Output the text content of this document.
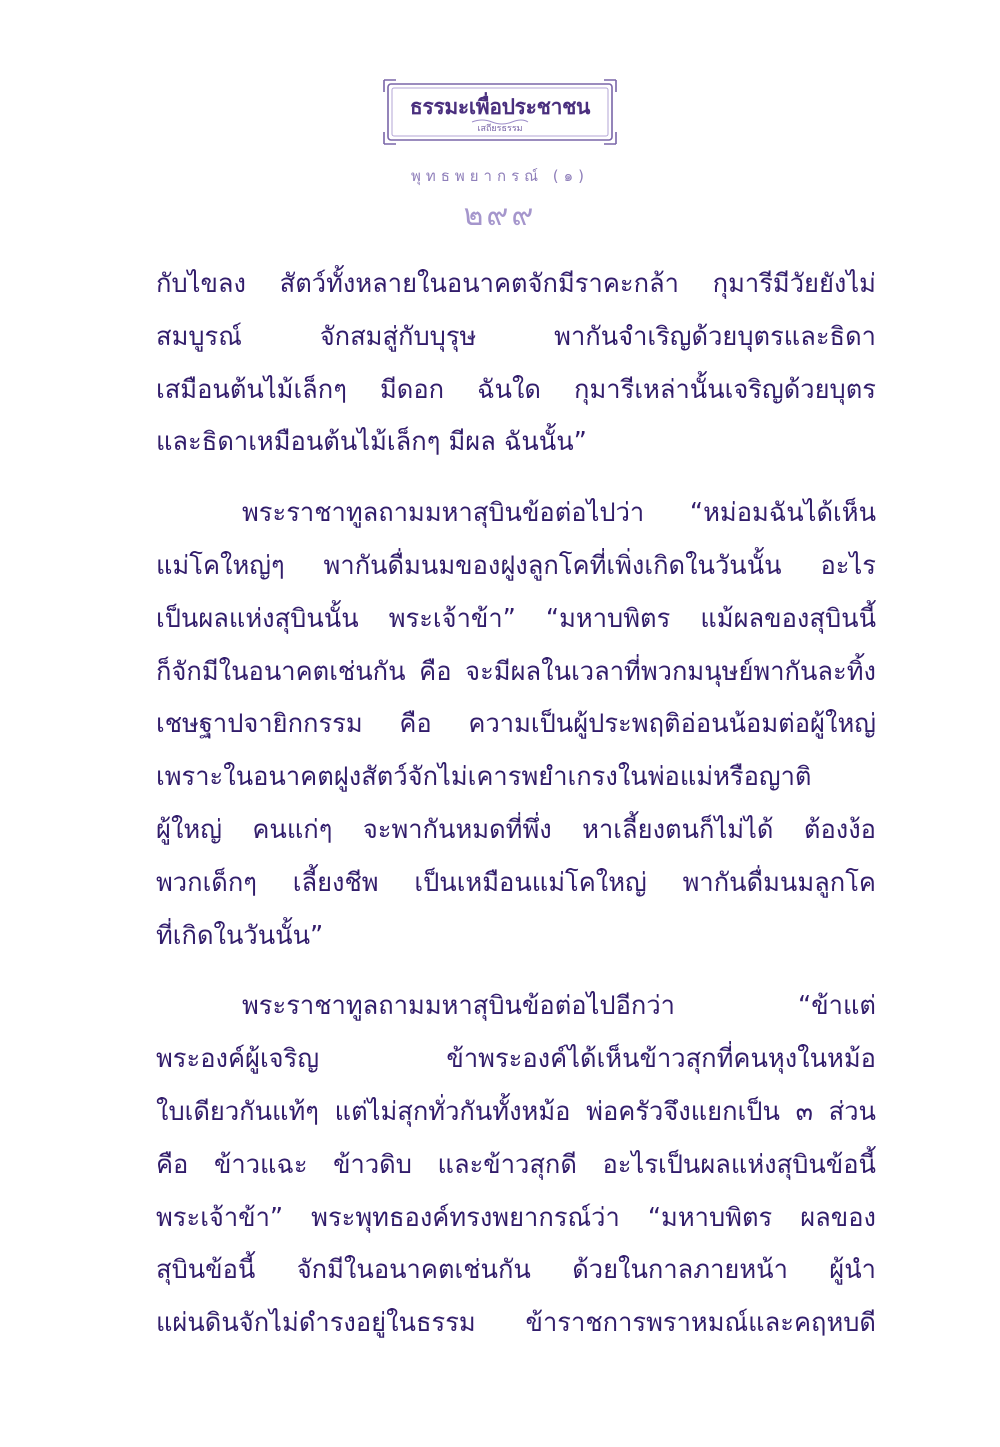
ธรรมะเพื่อประชาชน
เสถียรธรรม
พุทธพยากรณ์ (๑)
๒๙๙
กับไขลง สัตว์ทั้งหลายในอนาคตจักมีราคะกล้า กุมารีมีวัยยังไม่
สมบูรณ์ จักสมสู่กับบุรุษ พากันจำเริญด้วยบุตรและธิดา
เสมือนต้นไม้เล็กๆ มีดอก ฉันใด กุมารีเหล่านั้นเจริญด้วยบุตร
และธิดาเหมือนต้นไม้เล็กๆ มีผล ฉันนั้น”
พระราชาทูลถามมหาสุบินข้อต่อไปว่า “หม่อมฉันได้เห็น
แม่โคใหญ่ๆ พากันดื่มนมของฝูงลูกโคที่เพิ่งเกิดในวันนั้น อะไร
เป็นผลแห่งสุบินนั้น พระเจ้าข้า” “มหาบพิตร แม้ผลของสุบินนี้
ก็จักมีในอนาคตเช่นกัน คือ จะมีผลในเวลาที่พวกมนุษย์พากันละทิ้ง
เชษฐาปจายิกกรรม คือ ความเป็นผู้ประพฤติอ่อนน้อมต่อผู้ใหญ่
เพราะในอนาคตฝูงสัตว์จักไม่เคารพยำเกรงในพ่อแม่หรือญาติ
ผู้ใหญ่ คนแก่ๆ จะพากันหมดที่พึ่ง หาเลี้ยงตนก็ไม่ได้ ต้องง้อ
พวกเด็กๆ เลี้ยงชีพ เป็นเหมือนแม่โคใหญ่ พากันดื่มนมลูกโค
ที่เกิดในวันนั้น”
พระราชาทูลถามมหาสุบินข้อต่อไปอีกว่า “ข้าแต่
พระองค์ผู้เจริญ ข้าพระองค์ได้เห็นข้าวสุกที่คนหุงในหม้อ
ใบเดียวกันแท้ๆ แต่ไม่สุกทั่วกันทั้งหม้อ พ่อครัวจึงแยกเป็น ๓ ส่วน
คือ ข้าวแฉะ ข้าวดิบ และข้าวสุกดี อะไรเป็นผลแห่งสุบินข้อนี้
พระเจ้าข้า” พระพุทธองค์ทรงพยากรณ์ว่า “มหาบพิตร ผลของ
สุบินข้อนี้ จักมีในอนาคตเช่นกัน ด้วยในกาลภายหน้า ผู้นำ
แผ่นดินจักไม่ดำรงอยู่ในธรรม ข้าราชการพราหมณ์และคฤหบดี
